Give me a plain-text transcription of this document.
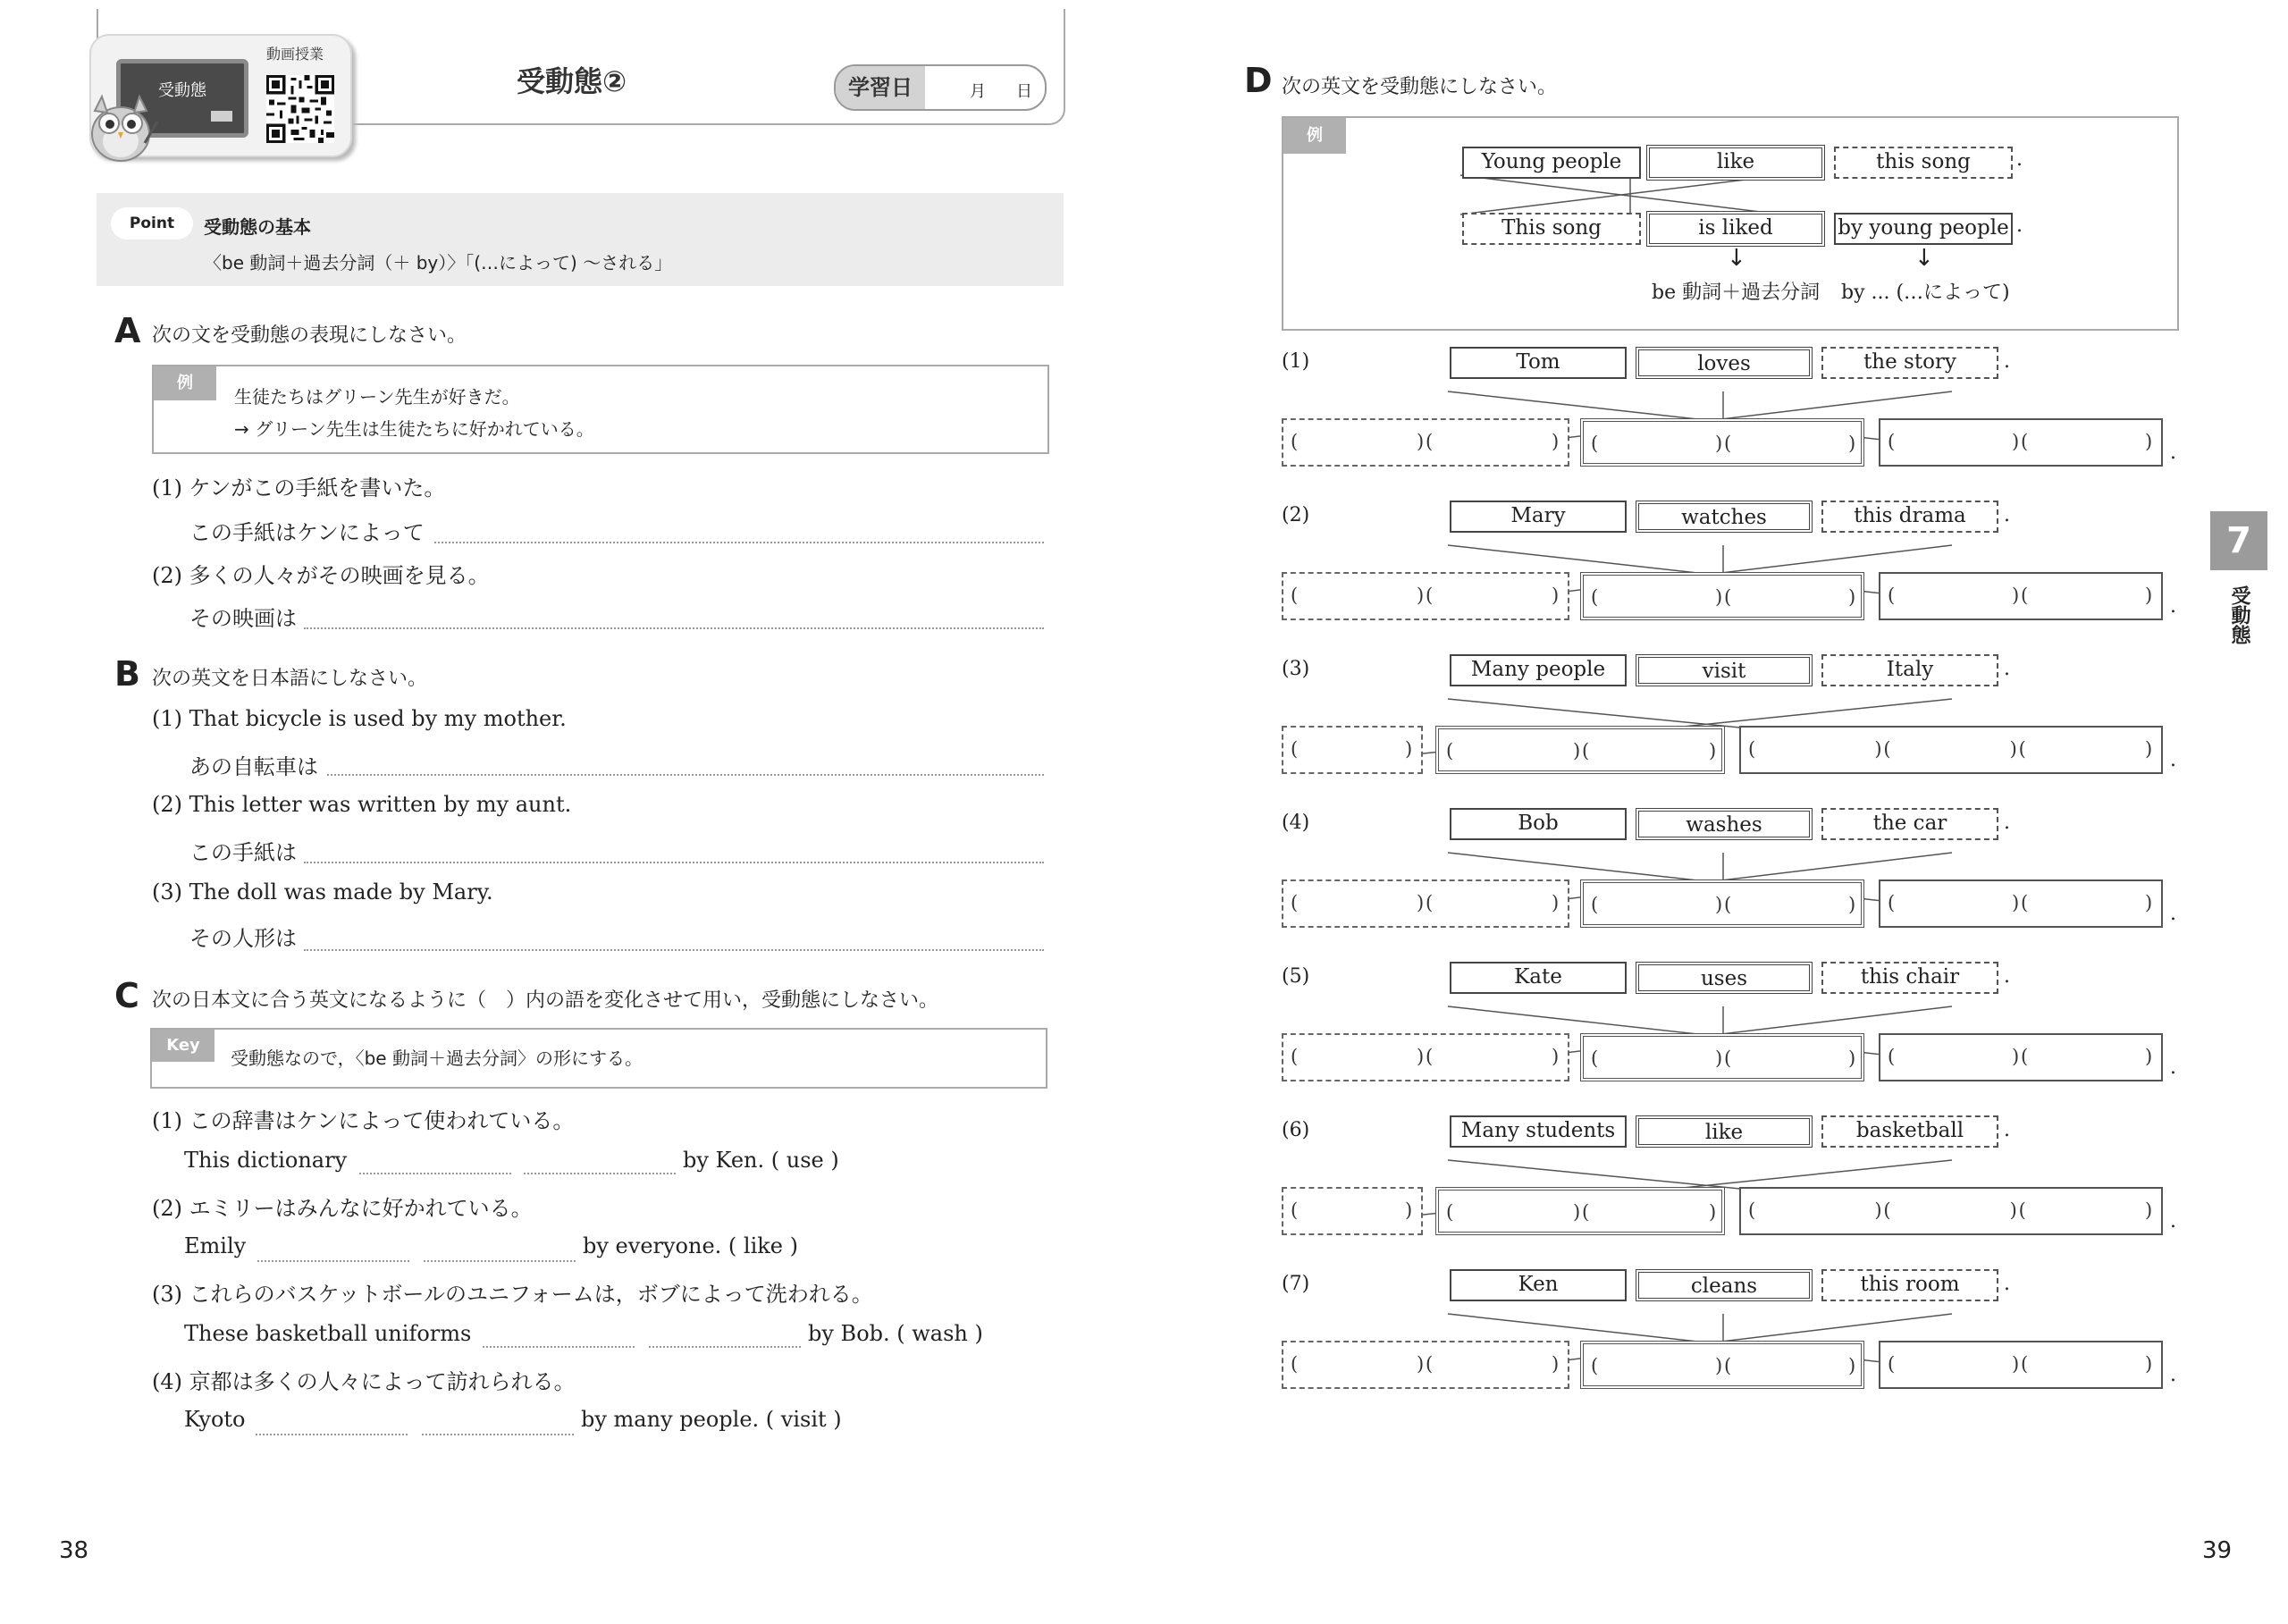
受動態
動画授業
受動態②	学習日	月 日
Point	受動態の基本
〈be 動詞＋過去分詞（＋ by）〉「(…によって) ～される」
A 次の文を受動態の表現にしなさい。
例
生徒たちはグリーン先生が好きだ。
→ グリーン先生は生徒たちに好かれている。
(1) ケンがこの手紙を書いた。
この手紙はケンによって
(2) 多くの人々がその映画を見る。
その映画は
B 次の英文を日本語にしなさい。
(1) That bicycle is used by my mother.
あの自転車は
(2) This letter was written by my aunt.
この手紙は
(3) The doll was made by Mary.
その人形は
C 次の日本文に合う英文になるように（　）内の語を変化させて用い，受動態にしなさい。
Key
受動態なので，〈be 動詞＋過去分詞〉の形にする。
(1) この辞書はケンによって使われている。
This dictionary	by Ken. ( use )
(2) エミリーはみんなに好かれている。
Emily	by everyone. ( like )
(3) これらのバスケットボールのユニフォームは，ボブによって洗われる。
These basketball uniforms	by Bob. ( wash )
(4) 京都は多くの人々によって訪れられる。
Kyoto	by many people. ( visit )
38
D 次の英文を受動態にしなさい。
例
Young people	like	this song	.
This song	is liked	by young people .
↓	↓
be 動詞＋過去分詞 by ... (…によって)
(1)	Tom	loves	the story	.
(	) (	) (	) (	) (	) (	) .
(2)	Mary	watches	this drama	.
(	) (	) (	) (	) (	) (	) .
(3)	Many people	visit	Italy	.
(	) (	) (	) (	) (	) (	) .
(4)	Bob	washes	the car	.
(	) (	) (	) (	) (	) (	) .
(5)	Kate	uses	this chair	.
(	) (	) (	) (	) (	) (	) .
(6)	Many students	like	basketball	.
(	) (	) (	) (	) (	) (	) .
(7)	Ken	cleans	this room	.
(	) (	) (	) (	) (	) (	) .
7
受動態
39
